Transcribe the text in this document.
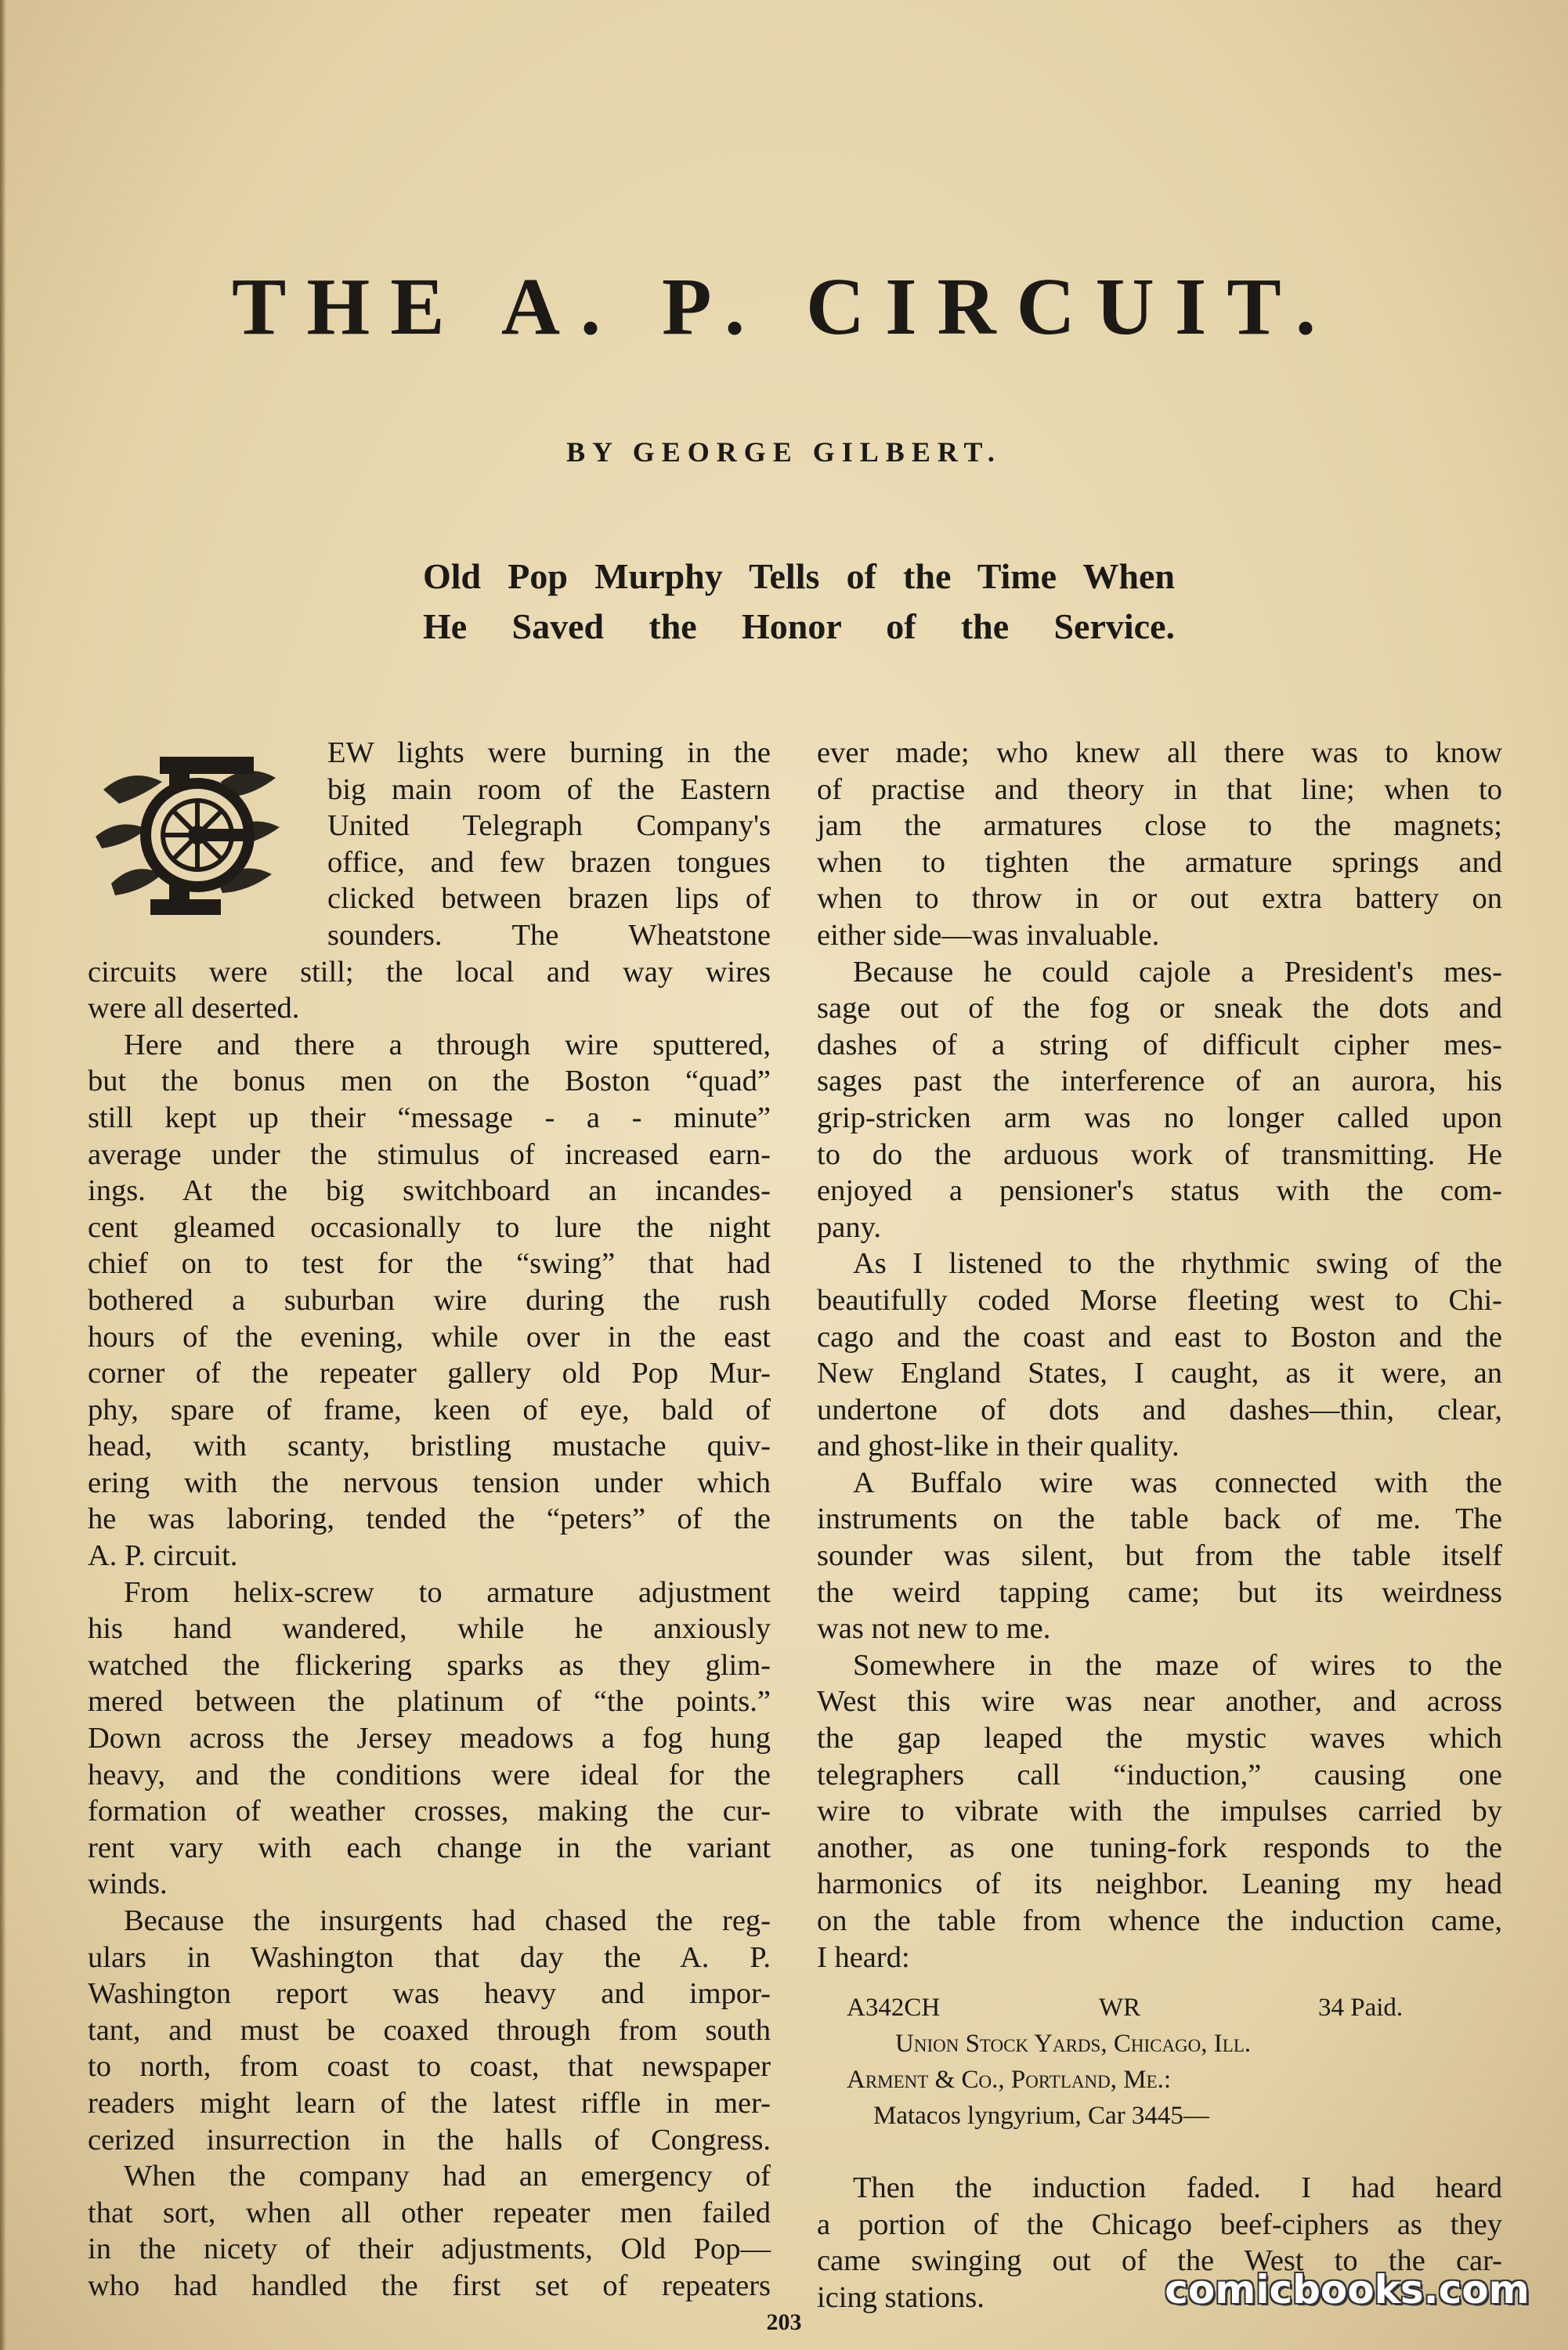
THE A. P. CIRCUIT.
BY GEORGE GILBERT.
Old Pop Murphy Tells of the Time When
He Saved the Honor of the Service.
EW lights were burning in the
big main room of the Eastern
United Telegraph Company's
office, and few brazen tongues
clicked between brazen lips of
sounders. The Wheatstone
circuits were still; the local and way wires
were all deserted.
Here and there a through wire sputtered,
but the bonus men on the Boston “quad”
still kept up their “message - a - minute”
average under the stimulus of increased earn-
ings. At the big switchboard an incandes-
cent gleamed occasionally to lure the night
chief on to test for the “swing” that had
bothered a suburban wire during the rush
hours of the evening, while over in the east
corner of the repeater gallery old Pop Mur-
phy, spare of frame, keen of eye, bald of
head, with scanty, bristling mustache quiv-
ering with the nervous tension under which
he was laboring, tended the “peters” of the
A. P. circuit.
From helix-screw to armature adjustment
his hand wandered, while he anxiously
watched the flickering sparks as they glim-
mered between the platinum of “the points.”
Down across the Jersey meadows a fog hung
heavy, and the conditions were ideal for the
formation of weather crosses, making the cur-
rent vary with each change in the variant
winds.
Because the insurgents had chased the reg-
ulars in Washington that day the A. P.
Washington report was heavy and impor-
tant, and must be coaxed through from south
to north, from coast to coast, that newspaper
readers might learn of the latest riffle in mer-
cerized insurrection in the halls of Congress.
When the company had an emergency of
that sort, when all other repeater men failed
in the nicety of their adjustments, Old Pop—
who had handled the first set of repeaters
ever made; who knew all there was to know
of practise and theory in that line; when to
jam the armatures close to the magnets;
when to tighten the armature springs and
when to throw in or out extra battery on
either side—was invaluable.
Because he could cajole a President's mes-
sage out of the fog or sneak the dots and
dashes of a string of difficult cipher mes-
sages past the interference of an aurora, his
grip-stricken arm was no longer called upon
to do the arduous work of transmitting. He
enjoyed a pensioner's status with the com-
pany.
As I listened to the rhythmic swing of the
beautifully coded Morse fleeting west to Chi-
cago and the coast and east to Boston and the
New England States, I caught, as it were, an
undertone of dots and dashes—thin, clear,
and ghost-like in their quality.
A Buffalo wire was connected with the
instruments on the table back of me. The
sounder was silent, but from the table itself
the weird tapping came; but its weirdness
was not new to me.
Somewhere in the maze of wires to the
West this wire was near another, and across
the gap leaped the mystic waves which
telegraphers call “induction,” causing one
wire to vibrate with the impulses carried by
another, as one tuning-fork responds to the
harmonics of its neighbor. Leaning my head
on the table from whence the induction came,
I heard:
A342CH	WR	34 Paid.
Union Stock Yards, Chicago, Ill.
Arment & Co., Portland, Me.:
Matacos lyngyrium, Car 3445—
Then the induction faded. I had heard
a portion of the Chicago beef-ciphers as they
came swinging out of the West to the car-
icing stations.
203
comicbooks.com
